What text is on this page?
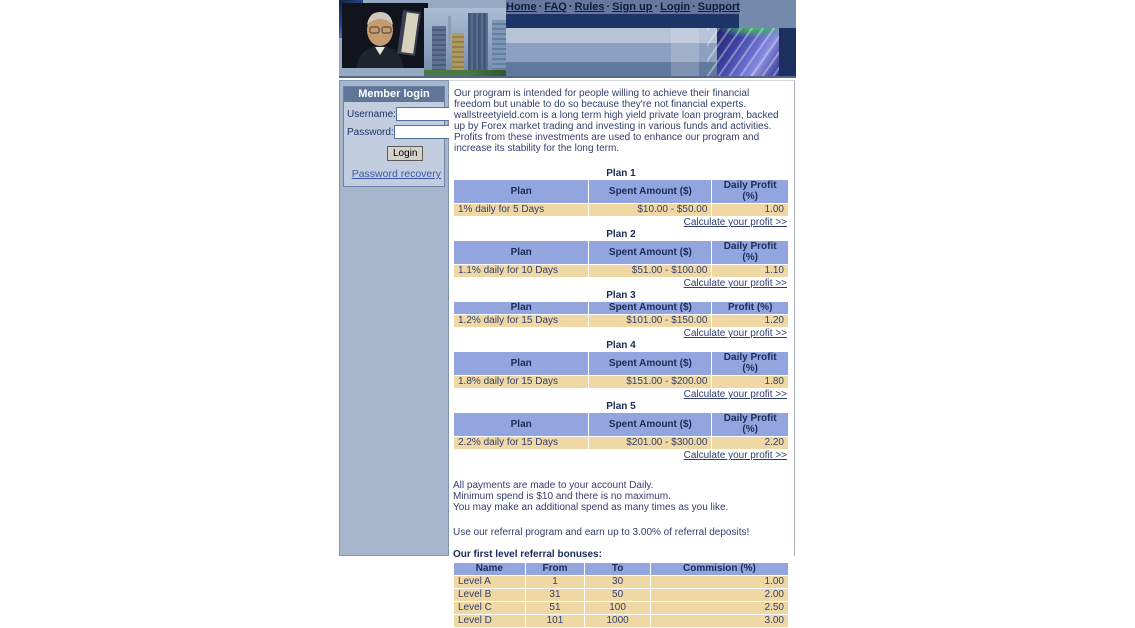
Home · FAQ · Rules · Sign up · Login · Support
Member login
Username:
Password:
Login
Password recovery

Our program is intended for people willing to achieve their financial freedom but unable to do so because they're not financial experts.

wallstreetyield.com is a long term high yield private loan program, backed up by Forex market trading and investing in various funds and activities. Profits from these investments are used to enhance our program and increase its stability for the long term.

Plan 1
Plan	Spent Amount ($)	Daily Profit (%)
1% daily for 5 Days	$10.00 - $50.00	1.00
Calculate your profit >>
Plan 2
Plan	Spent Amount ($)	Daily Profit (%)
1.1% daily for 10 Days	$51.00 - $100.00	1.10
Calculate your profit >>
Plan 3
Plan	Spent Amount ($)	Profit (%)
1.2% daily for 15 Days	$101.00 - $150.00	1.20
Calculate your profit >>
Plan 4
Plan	Spent Amount ($)	Daily Profit (%)
1.8% daily for 15 Days	$151.00 - $200.00	1.80
Calculate your profit >>
Plan 5
Plan	Spent Amount ($)	Daily Profit (%)
2.2% daily for 15 Days	$201.00 - $300.00	2.20
Calculate your profit >>
All payments are made to your account Daily.
Minimum spend is $10 and there is no maximum.
You may make an additional spend as many times as you like.
Use our referral program and earn up to 3.00% of referral deposits!
Our first level referral bonuses:
Name	From	To	Commision (%)
Level A	1	30	1.00
Level B	31	50	2.00
Level C	51	100	2.50
Level D	101	1000	3.00
